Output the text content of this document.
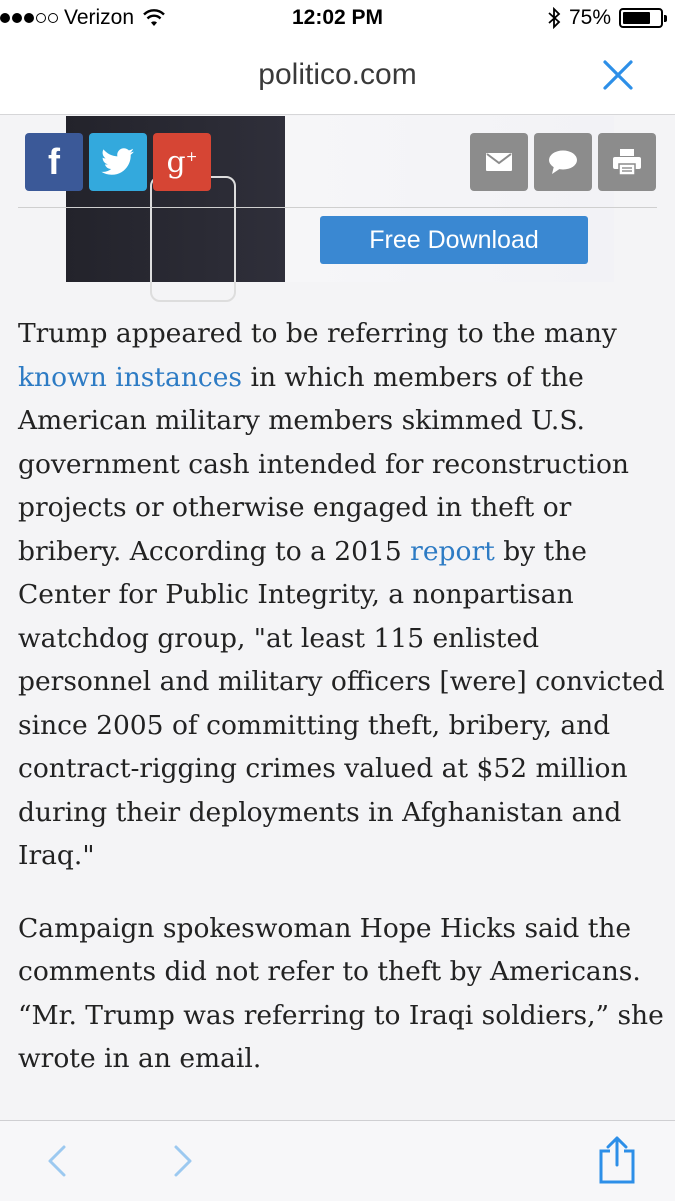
Verizon	12:02 PM	75%
politico.com
Free Download
f	g+

Trump appeared to be referring to the many known instances in which members of the American military members skimmed U.S. government cash intended for reconstruction projects or otherwise engaged in theft or bribery. According to a 2015 report by the Center for Public Integrity, a nonpartisan watchdog group, "at least 115 enlisted personnel and military officers [were] convicted since 2005 of committing theft, bribery, and contract-rigging crimes valued at $52 million during their deployments in Afghanistan and Iraq."

Campaign spokeswoman Hope Hicks said the comments did not refer to theft by Americans. “Mr. Trump was referring to Iraqi soldiers,” she wrote in an email.
